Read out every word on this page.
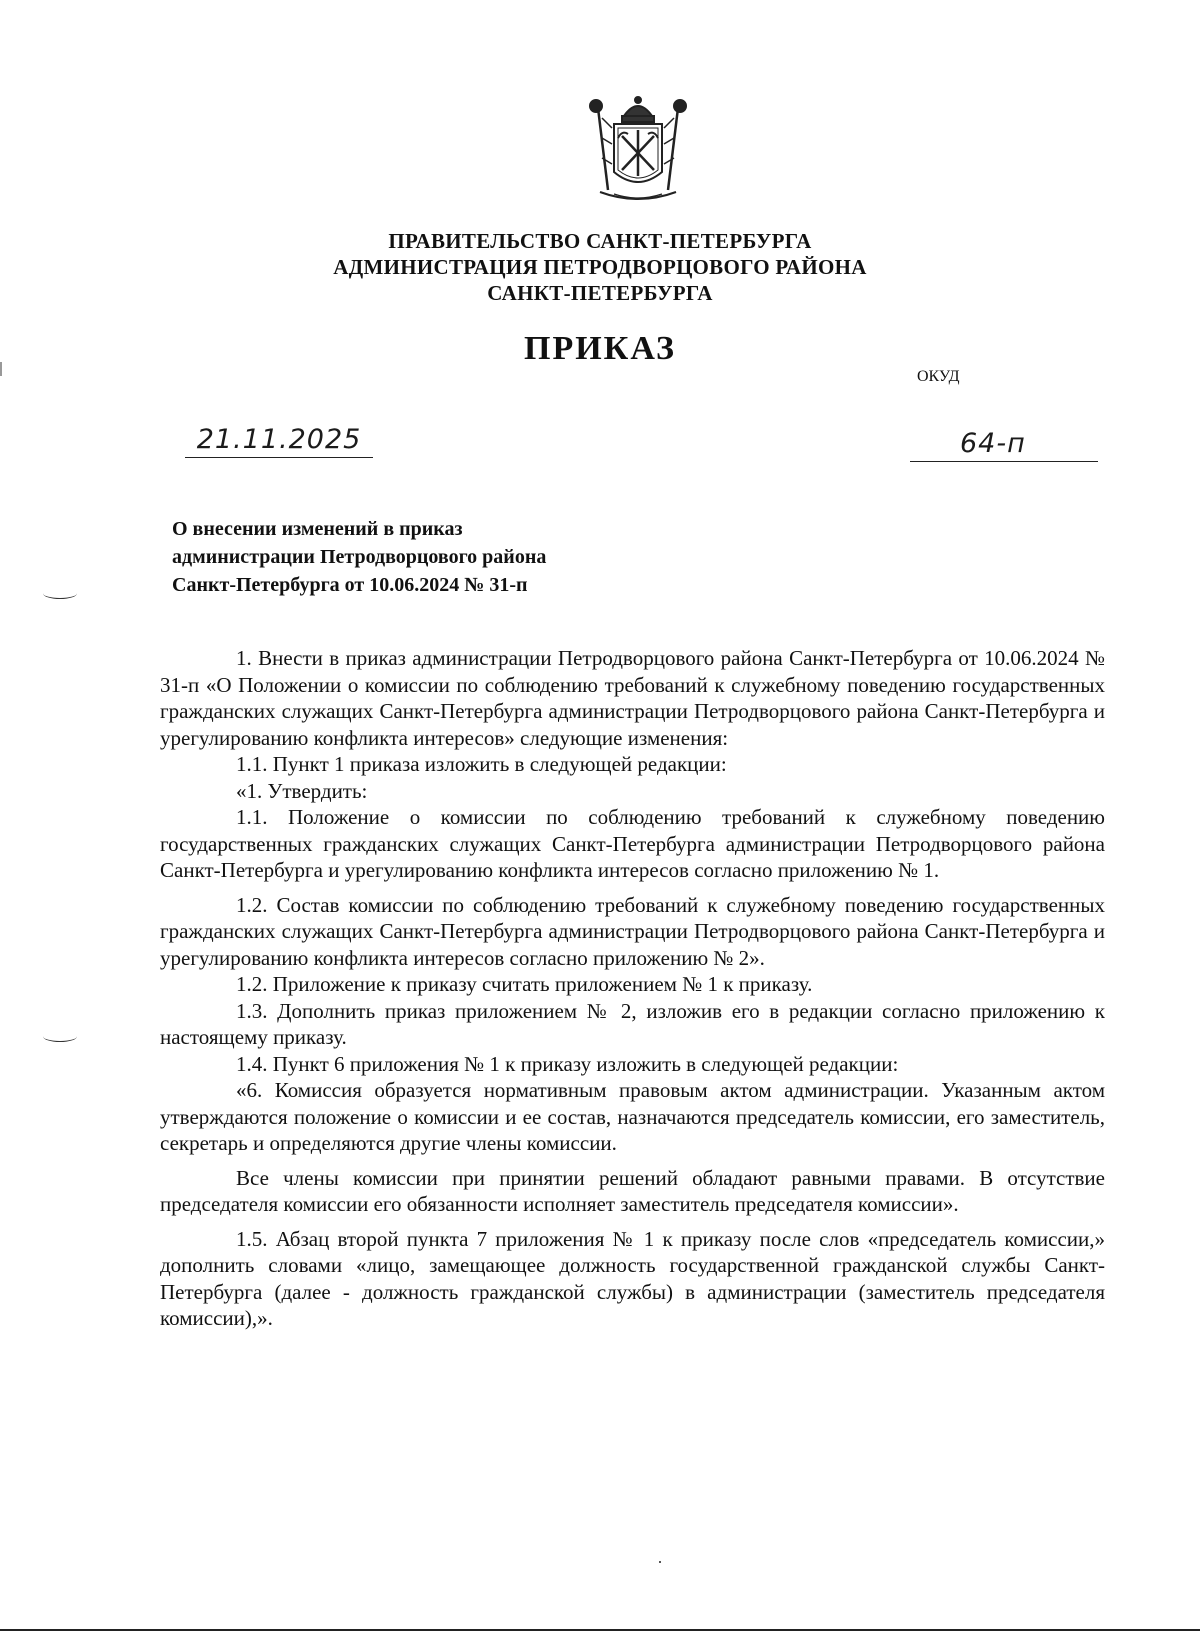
ПРАВИТЕЛЬСТВО САНКТ-ПЕТЕРБУРГА
АДМИНИСТРАЦИЯ ПЕТРОДВОРЦОВОГО РАЙОНА
САНКТ-ПЕТЕРБУРГА
ПРИКАЗ
ОКУД
21.11.2025	64-п
О внесении изменений в приказ
администрации Петродворцового района
Санкт-Петербурга от 10.06.2024 № 31-п

1. Внести в приказ администрации Петродворцового района Санкт-Петербурга от 10.06.2024 № 31-п «О Положении о комиссии по соблюдению требований к служебному поведению государственных гражданских служащих Санкт-Петербурга администрации Петродворцового района Санкт-Петербурга и урегулированию конфликта интересов» следующие изменения:

1.1. Пункт 1 приказа изложить в следующей редакции:

«1. Утвердить:

1.1. Положение о комиссии по соблюдению требований к служебному поведению государственных гражданских служащих Санкт-Петербурга администрации Петродворцового района Санкт-Петербурга и урегулированию конфликта интересов согласно приложению № 1.

1.2. Состав комиссии по соблюдению требований к служебному поведению государственных гражданских служащих Санкт-Петербурга администрации Петродворцового района Санкт-Петербурга и урегулированию конфликта интересов согласно приложению № 2».

1.2. Приложение к приказу считать приложением № 1 к приказу.

1.3. Дополнить приказ приложением № 2, изложив его в редакции согласно приложению к настоящему приказу.

1.4. Пункт 6 приложения № 1 к приказу изложить в следующей редакции:

«6. Комиссия образуется нормативным правовым актом администрации. Указанным актом утверждаются положение о комиссии и ее состав, назначаются председатель комиссии, его заместитель, секретарь и определяются другие члены комиссии.

Все члены комиссии при принятии решений обладают равными правами. В отсутствие председателя комиссии его обязанности исполняет заместитель председателя комиссии».

1.5. Абзац второй пункта 7 приложения № 1 к приказу после слов «председатель комиссии,» дополнить словами «лицо, замещающее должность государственной гражданской службы Санкт-Петербурга (далее - должность гражданской службы) в администрации (заместитель председателя комиссии),».
